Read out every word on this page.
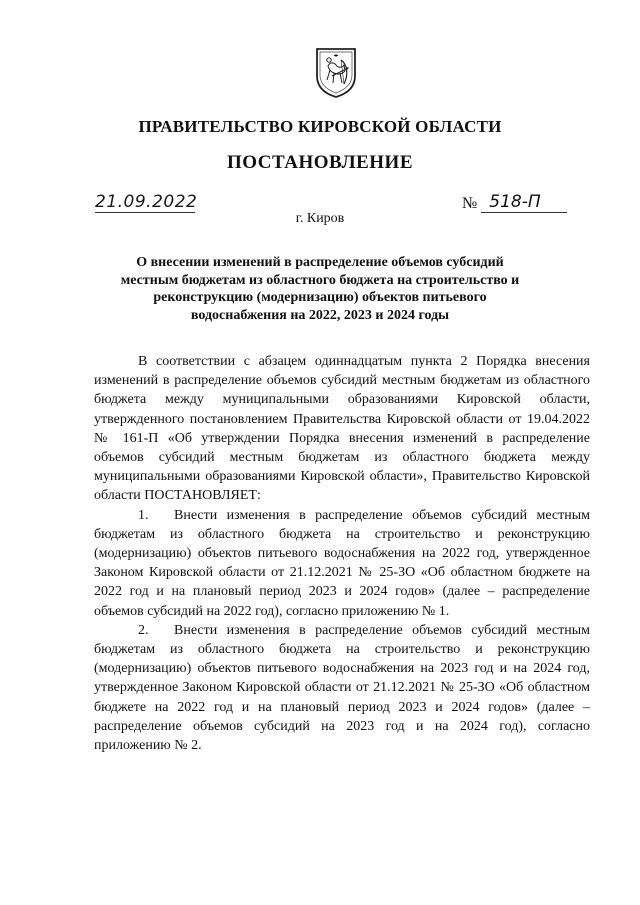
ПРАВИТЕЛЬСТВО КИРОВСКОЙ ОБЛАСТИ
ПОСТАНОВЛЕНИЕ
21.09.2022	№ 518-П
г. Киров
О внесении изменений в распределение объемов субсидий местным бюджетам из областного бюджета на строительство и реконструкцию (модернизацию) объектов питьевого водоснабжения на 2022, 2023 и 2024 годы

В соответствии с абзацем одиннадцатым пункта 2 Порядка внесения изменений в распределение объемов субсидий местным бюджетам из областного бюджета между муниципальными образованиями Кировской области, утвержденного постановлением Правительства Кировской области от 19.04.2022 № 161-П «Об утверждении Порядка внесения изменений в распределение объемов субсидий местным бюджетам из областного бюджета между муниципальными образованиями Кировской области», Правительство Кировской области ПОСТАНОВЛЯЕТ:

1. Внести изменения в распределение объемов субсидий местным бюджетам из областного бюджета на строительство и реконструкцию (модернизацию) объектов питьевого водоснабжения на 2022 год, утвержденное Законом Кировской области от 21.12.2021 № 25-ЗО «Об областном бюджете на 2022 год и на плановый период 2023 и 2024 годов» (далее – распределение объемов субсидий на 2022 год), согласно приложению № 1.

2. Внести изменения в распределение объемов субсидий местным бюджетам из областного бюджета на строительство и реконструкцию (модернизацию) объектов питьевого водоснабжения на 2023 год и на 2024 год, утвержденное Законом Кировской области от 21.12.2021 № 25-ЗО «Об областном бюджете на 2022 год и на плановый период 2023 и 2024 годов» (далее – распределение объемов субсидий на 2023 год и на 2024 год), согласно приложению № 2.
